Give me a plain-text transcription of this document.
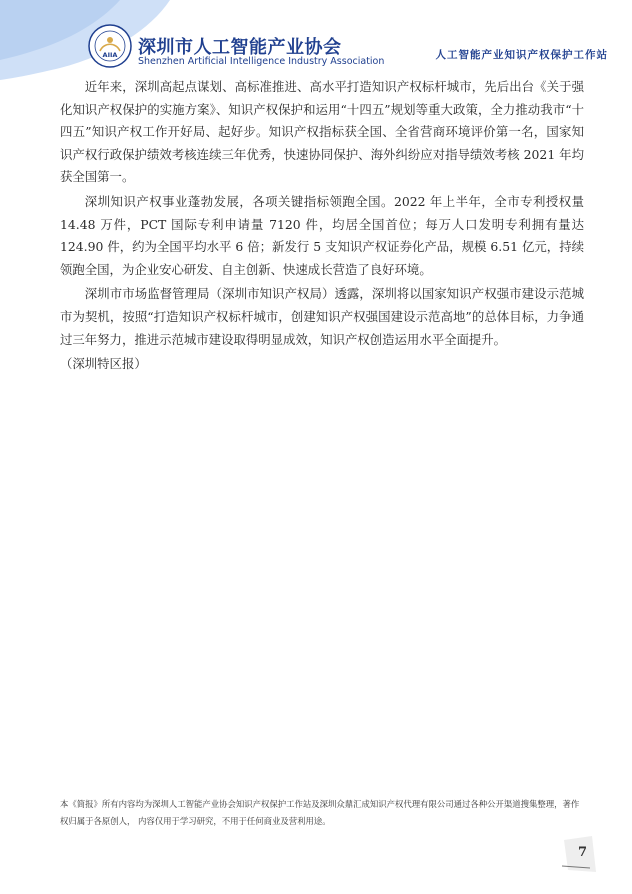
AIIA 深圳市人工智能产业协会
Shenzhen Artificial Intelligence Industry Association
人工智能产业知识产权保护工作站

近年来，深圳高起点谋划、高标准推进、高水平打造知识产权标杆城市，先后出台《关于强化知识产权保护的实施方案》、知识产权保护和运用“十四五”规划等重大政策，全力推动我市“十四五”知识产权工作开好局、起好步。知识产权指标获全国、全省营商环境评价第一名，国家知识产权行政保护绩效考核连续三年优秀，快速协同保护、海外纠纷应对指导绩效考核 2021 年均获全国第一。

深圳知识产权事业蓬勃发展，各项关键指标领跑全国。2022 年上半年，全市专利授权量 14.48 万件，PCT 国际专利申请量 7120 件，均居全国首位；每万人口发明专利拥有量达 124.90 件，约为全国平均水平 6 倍；新发行 5 支知识产权证券化产品，规模 6.51 亿元，持续领跑全国，为企业安心研发、自主创新、快速成长营造了良好环境。

深圳市市场监督管理局（深圳市知识产权局）透露，深圳将以国家知识产权强市建设示范城市为契机，按照“打造知识产权标杆城市，创建知识产权强国建设示范高地”的总体目标，力争通过三年努力，推进示范城市建设取得明显成效，知识产权创造运用水平全面提升。

（深圳特区报）

本《简报》所有内容均为深圳人工智能产业协会知识产权保护工作站及深圳众鼎汇成知识产权代理有限公司通过各种公开渠道搜集整理，著作权归属于各原创人， 内容仅用于学习研究，不用于任何商业及营利用途。
7
